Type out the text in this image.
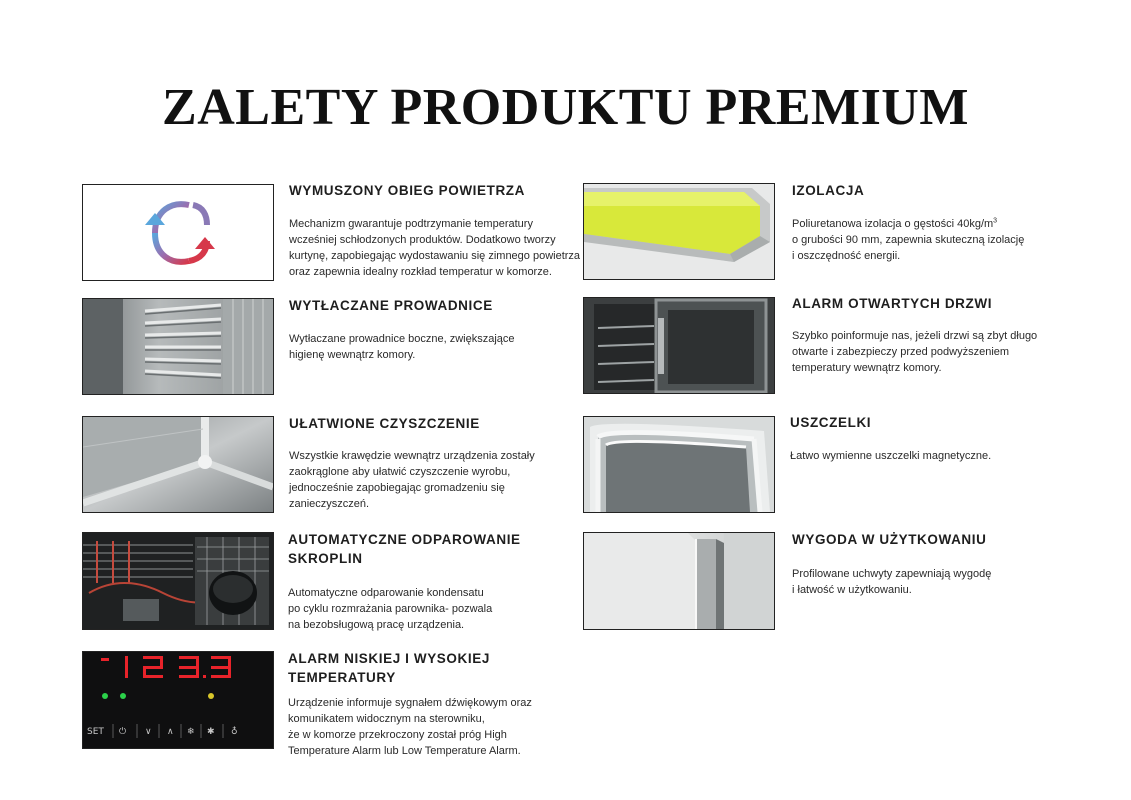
ZALETY PRODUKTU PREMIUM
WYMUSZONY OBIEG POWIETRZA
Mechanizm gwarantuje podtrzymanie temperatury
wcześniej schłodzonych produktów. Dodatkowo tworzy
kurtynę, zapobiegając wydostawaniu się zimnego powietrza
oraz zapewnia idealny rozkład temperatur w komorze.
IZOLACJA
Poliuretanowa izolacja o gęstości $40kg/m^3$
o grubości 90 mm, zapewnia skuteczną izolację
i oszczędność energii.
WYTŁACZANE PROWADNICE
Wytłaczane prowadnice boczne, zwiększające
higienę wewnątrz komory.
ALARM OTWARTYCH DRZWI
Szybko poinformuje nas, jeżeli drzwi są zbyt długo
otwarte i zabezpieczy przed podwyższeniem
temperatury wewnątrz komory.
UŁATWIONE CZYSZCZENIE
Wszystkie krawędzie wewnątrz urządzenia zostały
zaokrąglone aby ułatwić czyszczenie wyrobu,
jednocześnie zapobiegając gromadzeniu się
zanieczyszczeń.
USZCZELKI
Łatwo wymienne uszczelki magnetyczne.
AUTOMATYCZNE ODPAROWANIE
SKROPLIN
Automatyczne odparowanie kondensatu
po cyklu rozmrażania parownika- pozwala
na bezobsługową pracę urządzenia.
WYGODA W UŻYTKOWANIU
Profilowane uchwyty zapewniają wygodę
i łatwość w użytkowaniu.
SET ⏻ ∨ ∧ ❄ ✱ ♁
ALARM NISKIEJ I WYSOKIEJ
TEMPERATURY
Urządzenie informuje sygnałem dźwiękowym oraz
komunikatem widocznym na sterowniku,
że w komorze przekroczony został próg High
Temperature Alarm lub Low Temperature Alarm.
